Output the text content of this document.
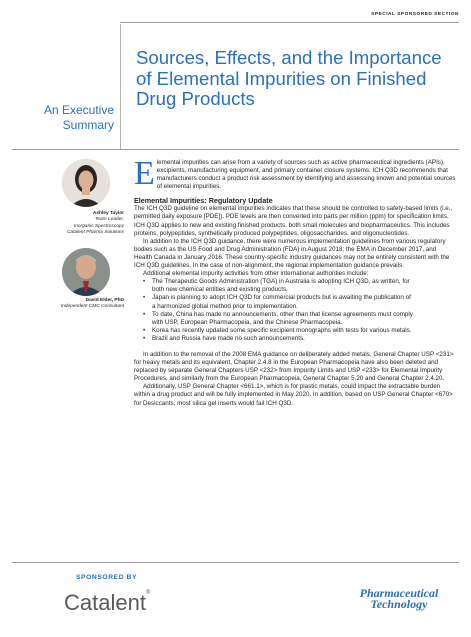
SPECIAL SPONSORED SECTION
Sources, Effects, and the Importance of Elemental Impurities on Finished Drug Products
An Executive
Summary
Ashley Taylor
Team Leader,
Inorganic Spectroscopy
Catalent Pharma Solutions
David Elder, PhD
Independent CMC Consultant

Elemental impurities can arise from a variety of sources such as active pharmaceutical ingredients (APIs), excipients, manufacturing equipment, and primary container closure systems. ICH Q3D recommends that manufacturers conduct a product risk assessment by identifying and assessing known and potential sources of elemental impurities.

Elemental Impurities: Regulatory Update

The ICH Q3D guideline on elemental impurities indicates that these should be controlled to safety-based limits (i.e., permitted daily exposure [PDE]). PDE levels are then converted into parts per million (ppm) for specification limits. ICH Q3D applies to new and existing finished products, both small molecules and biopharmaceutics. This includes proteins, polypeptides, synthetically produced polypeptides, oligosaccharides, and oligonucleotides.

In addition to the ICH Q3D guidance, there were numerous implementation guidelines from various regulatory bodies such as the US Food and Drug Administration (FDA) in August 2018; the EMA in December 2017, and Health Canada in January 2016. These country-specific industry guidances may not be entirely consistent with the ICH Q3D guidelines. In the case of non-alignment, the regional implementation guidance prevails.

Additional elemental impurity activities from other international authorities include:

• The Therapeutic Goods Administration (TGA) in Australia is adopting ICH Q3D, as written, for both new chemical entities and existing products.
• Japan is planning to adopt ICH Q3D for commercial products but is awaiting the publication of a harmonized global method prior to implementation.
• To date, China has made no announcements, other than that license agreements must comply with USP, European Pharmacopeia, and the Chinese Pharmacopeia.
• Korea has recently updated some specific excipient monographs with tests for various metals.
• Brazil and Russia have made no such announcements.

In addition to the removal of the 2008 EMA guidance on deliberately added metals, General Chapter USP <231> for heavy metals and its equivalent, Chapter 2.4.8 in the European Pharmacopeia have also been deleted and replaced by separate General Chapters USP <232> from Impurity Limits and USP <233> for Elemental Impurity Procedures, and similarly from the European Pharmacopeia, General Chapter 5.20 and General Chapter 2.4.20.

Additionally, USP General Chapter <661.1>, which is for plastic metals, could impact the extractable burden within a drug product and will be fully implemented in May 2020. In addition, based on USP General Chapter <670> for Desiccants, most silica gel inserts would fail ICH Q3D.

SPONSORED BY
Catalent®	Pharmaceutical
Technology
